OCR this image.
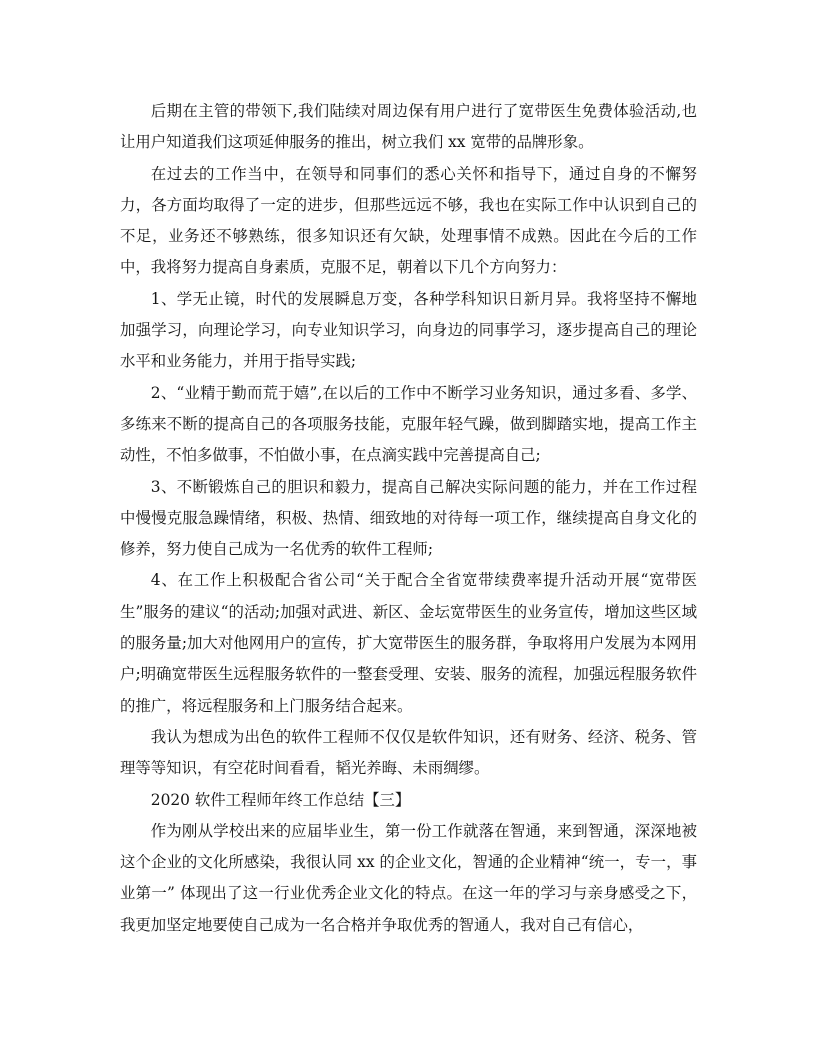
后期在主管的带领下,我们陆续对周边保有用户进行了宽带医生免费体验活动,也让用户知道我们这项延伸服务的推出，树立我们 xx 宽带的品牌形象。

在过去的工作当中，在领导和同事们的悉心关怀和指导下，通过自身的不懈努力，各方面均取得了一定的进步，但那些远远不够，我也在实际工作中认识到自己的不足，业务还不够熟练，很多知识还有欠缺，处理事情不成熟。因此在今后的工作中，我将努力提高自身素质，克服不足，朝着以下几个方向努力：

1、学无止镜，时代的发展瞬息万变，各种学科知识日新月异。我将坚持不懈地加强学习，向理论学习，向专业知识学习，向身边的同事学习，逐步提高自己的理论水平和业务能力，并用于指导实践;

2、“业精于勤而荒于嬉”,在以后的工作中不断学习业务知识，通过多看、多学、多练来不断的提高自己的各项服务技能，克服年轻气躁，做到脚踏实地，提高工作主动性，不怕多做事，不怕做小事，在点滴实践中完善提高自己;

3、不断锻炼自己的胆识和毅力，提高自己解决实际问题的能力，并在工作过程中慢慢克服急躁情绪，积极、热情、细致地的对待每一项工作，继续提高自身文化的修养，努力使自己成为一名优秀的软件工程师;

4、在工作上积极配合省公司“关于配合全省宽带续费率提升活动开展“宽带医生”服务的建议“的活动;加强对武进、新区、金坛宽带医生的业务宣传，增加这些区域的服务量;加大对他网用户的宣传，扩大宽带医生的服务群，争取将用户发展为本网用户;明确宽带医生远程服务软件的一整套受理、安装、服务的流程，加强远程服务软件的推广，将远程服务和上门服务结合起来。

我认为想成为出色的软件工程师不仅仅是软件知识，还有财务、经济、税务、管理等等知识，有空花时间看看，韬光养晦、未雨绸缪。

2020 软件工程师年终工作总结【三】

作为刚从学校出来的应届毕业生，第一份工作就落在智通，来到智通，深深地被这个企业的文化所感染，我很认同 xx 的企业文化，智通的企业精神“统一，专一，事业第一” 体现出了这一行业优秀企业文化的特点。在这一年的学习与亲身感受之下，我更加坚定地要使自己成为一名合格并争取优秀的智通人，我对自己有信心，
